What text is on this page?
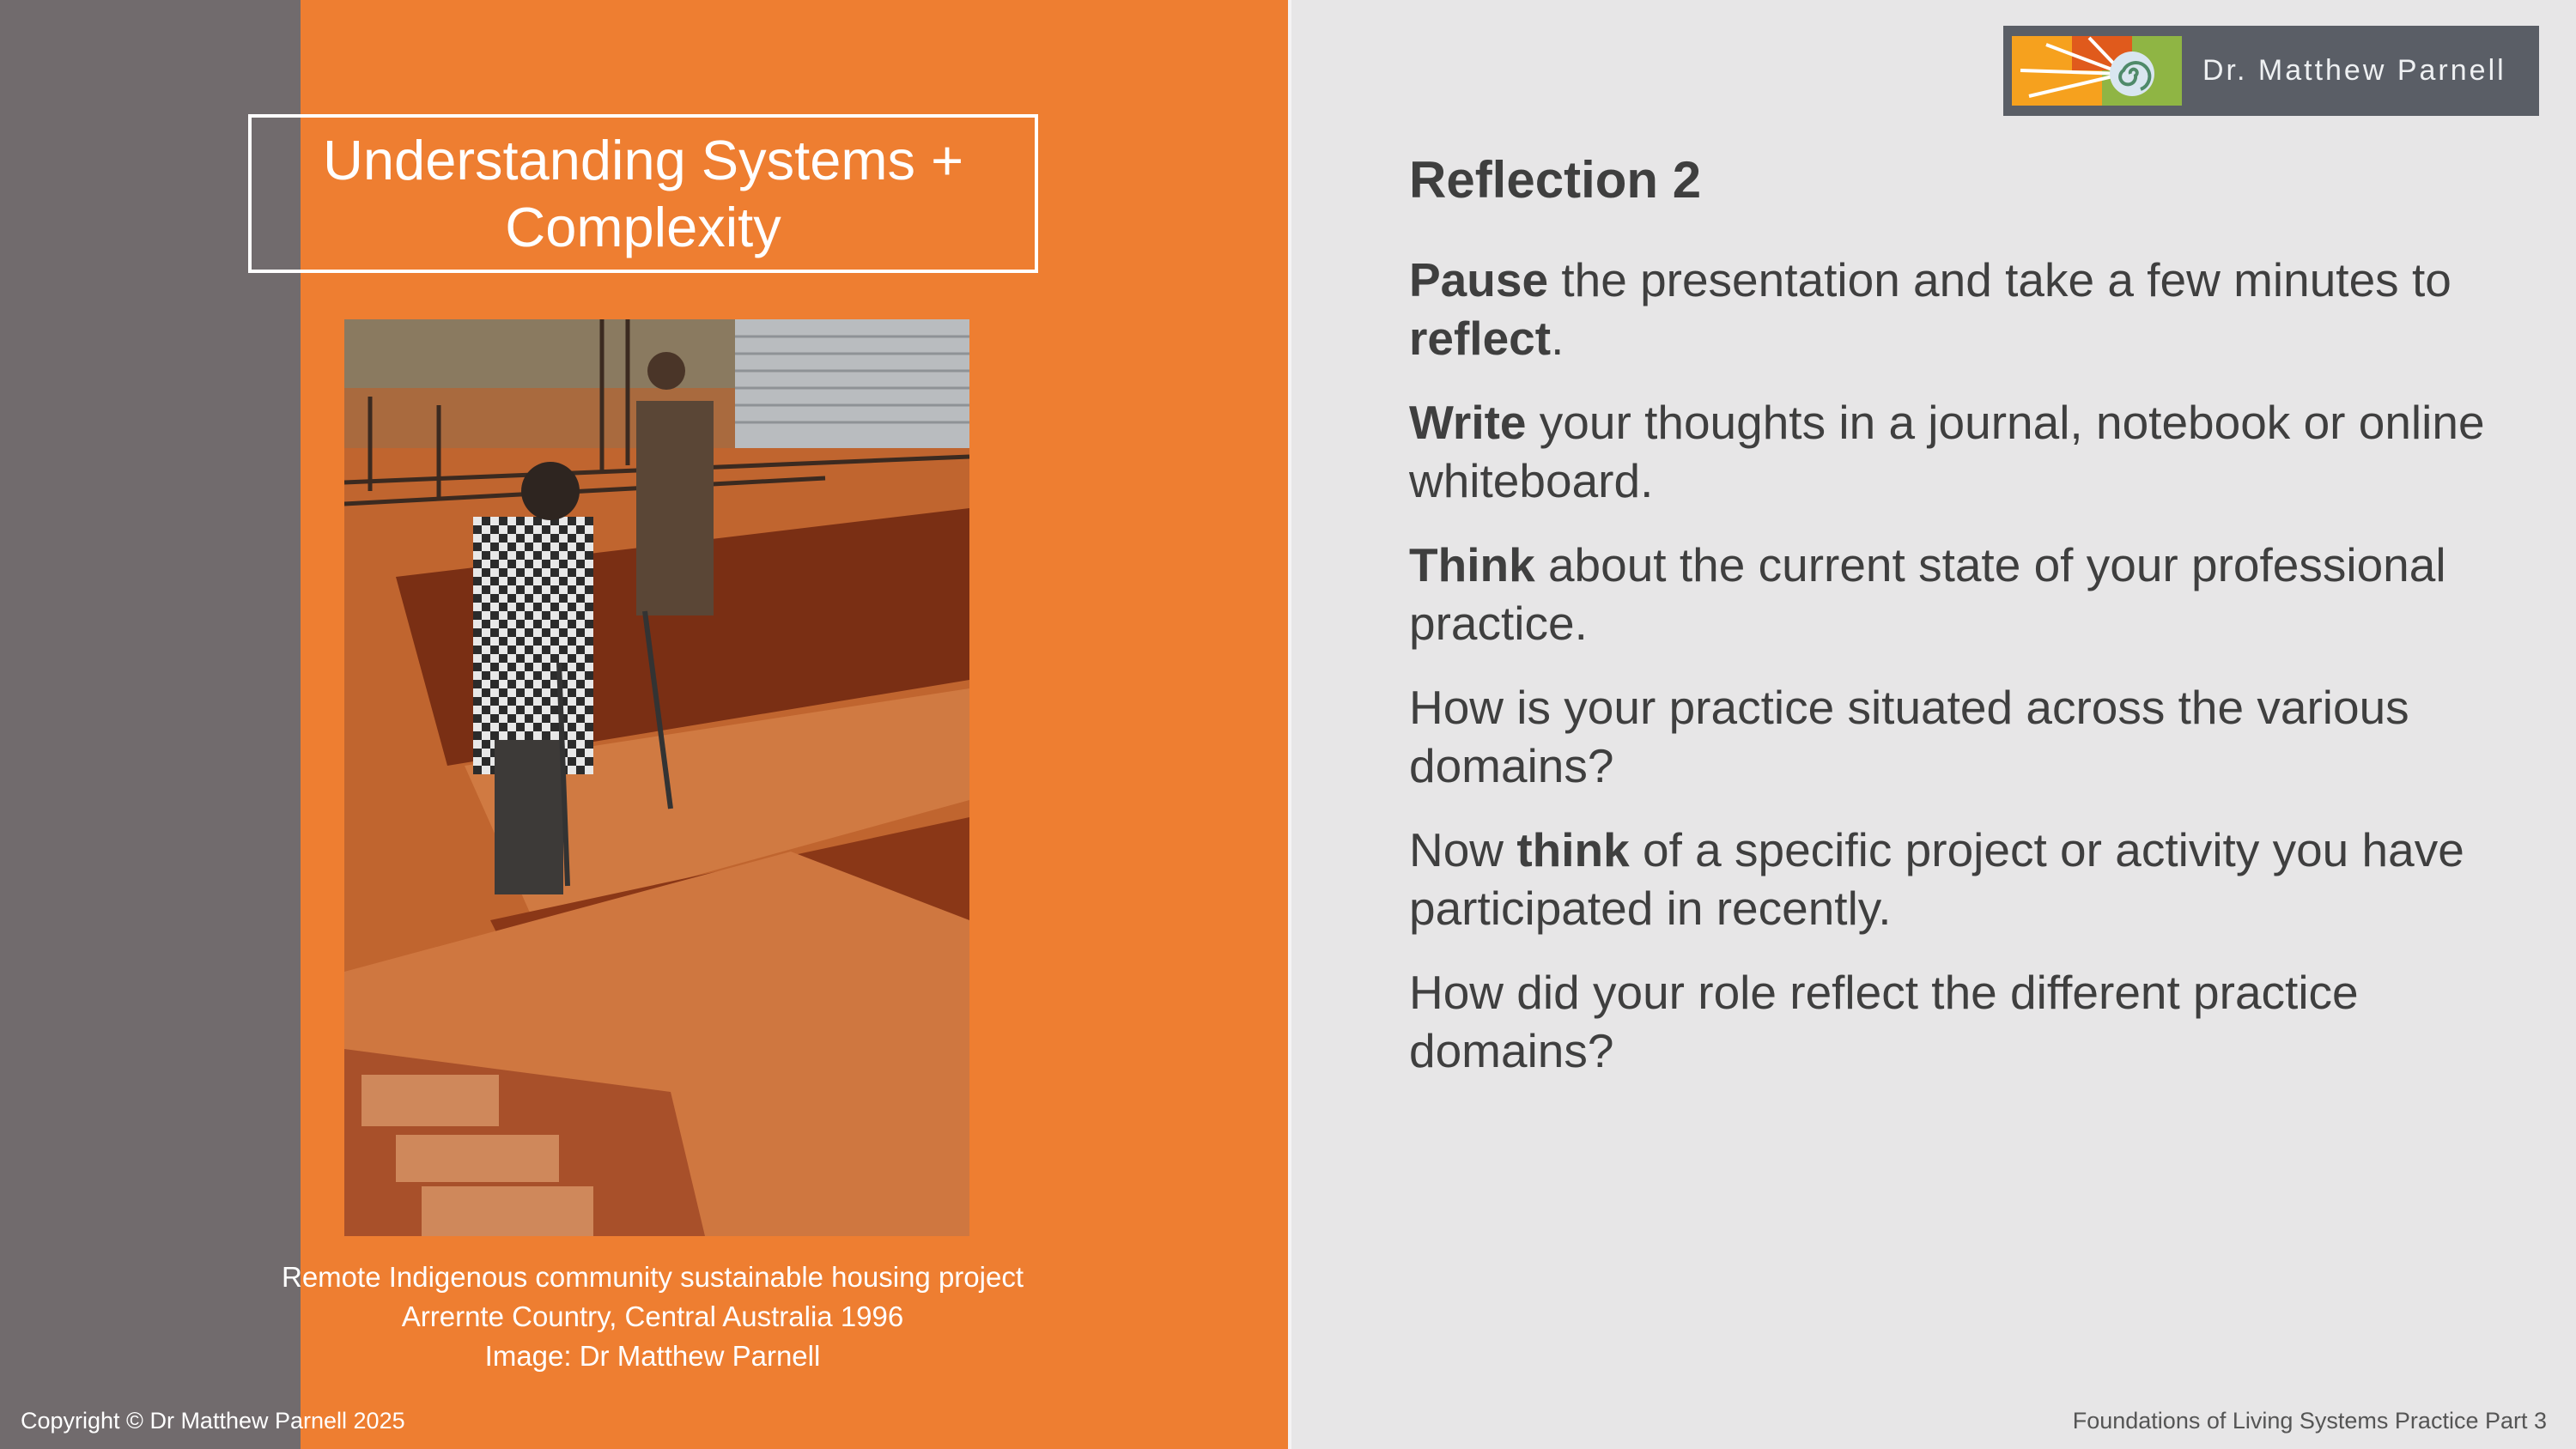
Understanding Systems +
Complexity
Remote Indigenous community sustainable housing project
Arrernte Country, Central Australia 1996
Image: Dr Matthew Parnell
Copyright © Dr Matthew Parnell 2025	Foundations of Living Systems Practice Part 3
Dr. Matthew Parnell
Reflection 2

Pause the presentation and take a few minutes to reflect.

Write your thoughts in a journal, notebook or online whiteboard.

Think about the current state of your professional practice.

How is your practice situated across the various domains?

Now think of a specific project or activity you have participated in recently.

How did your role reflect the different practice domains?
